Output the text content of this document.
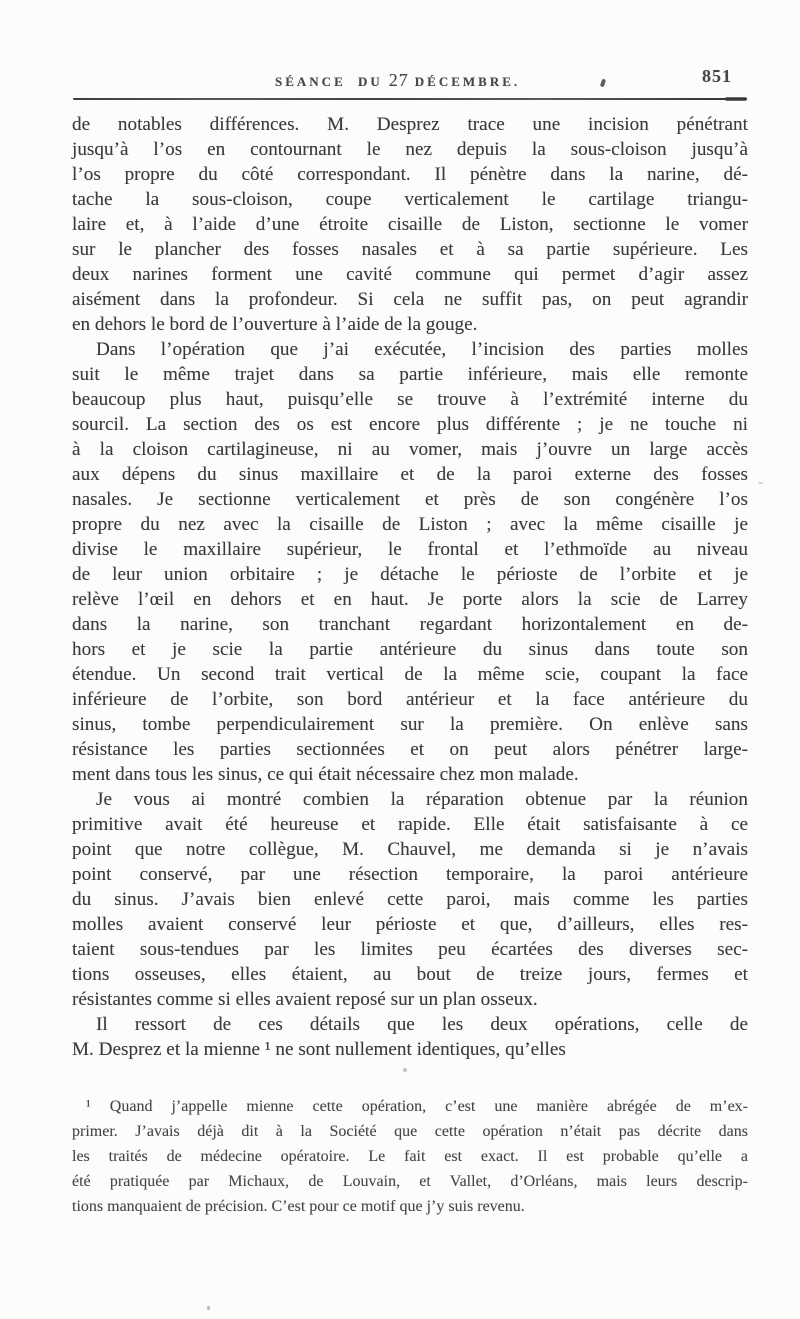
SÉANCE DU 27 DÉCEMBRE.	851
de notables différences. M. Desprez trace une incision pénétrant
jusqu’à l’os en contournant le nez depuis la sous-cloison jusqu’à
l’os propre du côté correspondant. Il pénètre dans la narine, dé-
tache la sous-cloison, coupe verticalement le cartilage triangu-
laire et, à l’aide d’une étroite cisaille de Liston, sectionne le vomer
sur le plancher des fosses nasales et à sa partie supérieure. Les
deux narines forment une cavité commune qui permet d’agir assez
aisément dans la profondeur. Si cela ne suffit pas, on peut agrandir
en dehors le bord de l’ouverture à l’aide de la gouge.
Dans l’opération que j’ai exécutée, l’incision des parties molles
suit le même trajet dans sa partie inférieure, mais elle remonte
beaucoup plus haut, puisqu’elle se trouve à l’extrémité interne du
sourcil. La section des os est encore plus différente ; je ne touche ni
à la cloison cartilagineuse, ni au vomer, mais j’ouvre un large accès
aux dépens du sinus maxillaire et de la paroi externe des fosses
nasales. Je sectionne verticalement et près de son congénère l’os
propre du nez avec la cisaille de Liston ; avec la même cisaille je
divise le maxillaire supérieur, le frontal et l’ethmoïde au niveau
de leur union orbitaire ; je détache le périoste de l’orbite et je
relève l’œil en dehors et en haut. Je porte alors la scie de Larrey
dans la narine, son tranchant regardant horizontalement en de-
hors et je scie la partie antérieure du sinus dans toute son
étendue. Un second trait vertical de la même scie, coupant la face
inférieure de l’orbite, son bord antérieur et la face antérieure du
sinus, tombe perpendiculairement sur la première. On enlève sans
résistance les parties sectionnées et on peut alors pénétrer large-
ment dans tous les sinus, ce qui était nécessaire chez mon malade.
Je vous ai montré combien la réparation obtenue par la réunion
primitive avait été heureuse et rapide. Elle était satisfaisante à ce
point que notre collègue, M. Chauvel, me demanda si je n’avais
point conservé, par une résection temporaire, la paroi antérieure
du sinus. J’avais bien enlevé cette paroi, mais comme les parties
molles avaient conservé leur périoste et que, d’ailleurs, elles res-
taient sous-tendues par les limites peu écartées des diverses sec-
tions osseuses, elles étaient, au bout de treize jours, fermes et
résistantes comme si elles avaient reposé sur un plan osseux.
Il ressort de ces détails que les deux opérations, celle de
M. Desprez et la mienne ¹ ne sont nullement identiques, qu’elles
¹ Quand j’appelle mienne cette opération, c’est une manière abrégée de m’ex-
primer. J’avais déjà dit à la Société que cette opération n’était pas décrite dans
les traités de médecine opératoire. Le fait est exact. Il est probable qu’elle a
été pratiquée par Michaux, de Louvain, et Vallet, d’Orléans, mais leurs descrip-
tions manquaient de précision. C’est pour ce motif que j’y suis revenu.
